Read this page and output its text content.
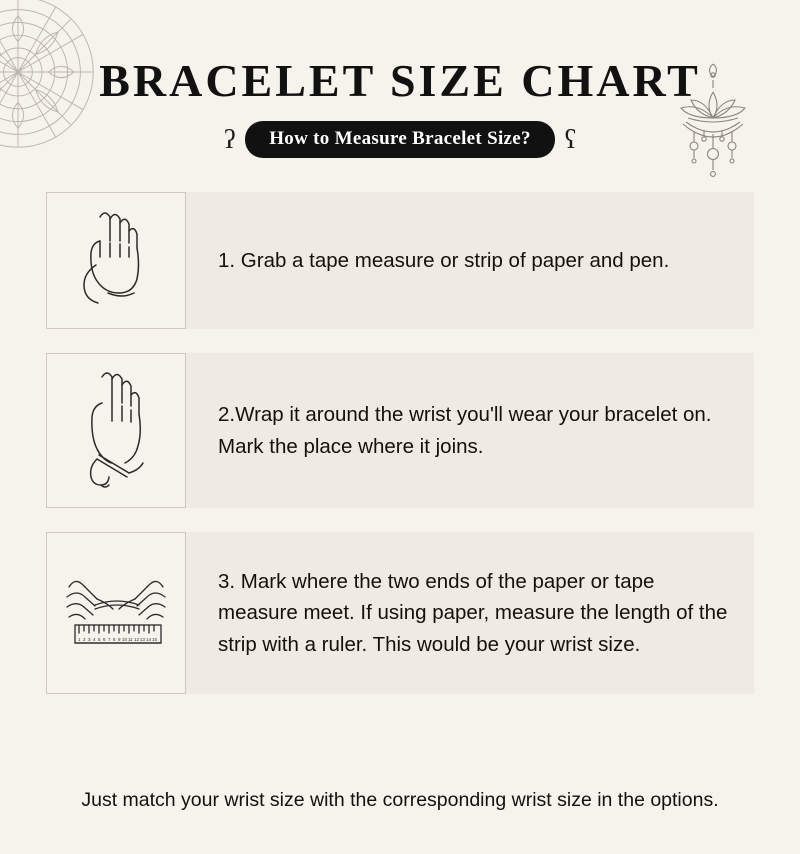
BRACELET SIZE CHART
ʕ	How to Measure Bracelet Size?	ʕ
1. Grab a tape measure or strip of paper and pen.
2.Wrap it around the wrist you'll wear your bracelet on. Mark the place where it joins.
1 2 3 4 5 6 7 8 9 10 11 12 13 14 15
3. Mark where the two ends of the paper or tape measure meet. If using paper, measure the length of the strip with a ruler. This would be your wrist size.
Just match your wrist size with the corresponding wrist size in the options.
